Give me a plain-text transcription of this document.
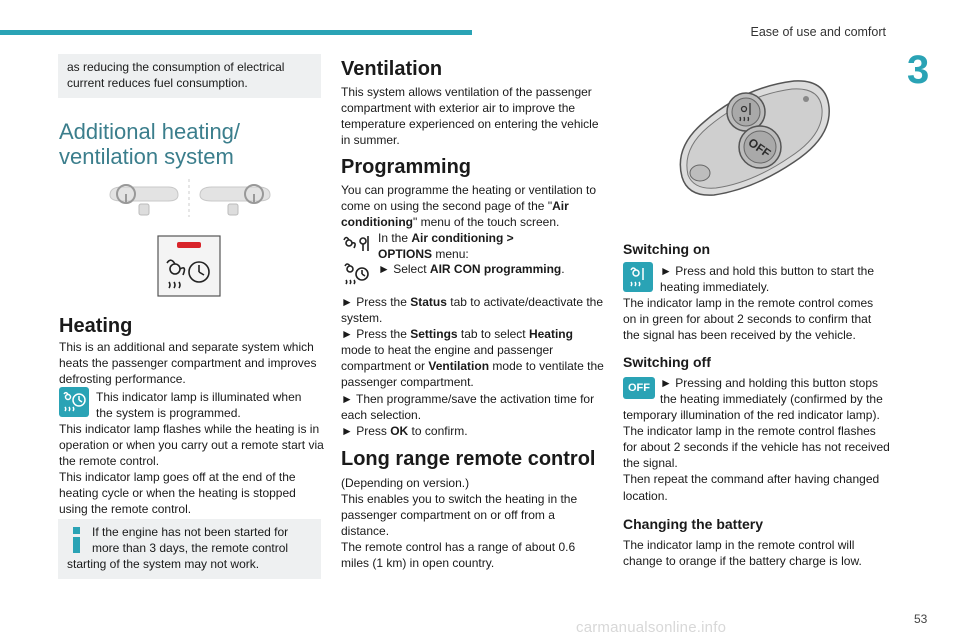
Ease of use and comfort
3

as reducing the consumption of electrical current reduces fuel consumption.

Additional heating/
ventilation system

Heating

This is an additional and separate system which heats the passenger compartment and improves defrosting performance.

This indicator lamp is illuminated when

the system is programmed.

This indicator lamp flashes while the heating is in operation or when you carry out a remote start via the remote control.

This indicator lamp goes off at the end of the heating cycle or when the heating is stopped using the remote control.

If the engine has not been started for

more than 3 days, the remote control

starting of the system may not work.

Ventilation

This system allows ventilation of the passenger compartment with exterior air to improve the temperature experienced on entering the vehicle in summer.

Programming

You can programme the heating or ventilation to come on using the second page of the "Air conditioning" menu of the touch screen.

In the Air conditioning >

OPTIONS menu:

► Select AIR CON programming.

► Press the Status tab to activate/deactivate the system.

► Press the Settings tab to select Heating mode to heat the engine and passenger compartment or Ventilation mode to ventilate the passenger compartment.

► Then programme/save the activation time for each selection.

► Press OK to confirm.

Long range remote control

(Depending on version.)

This enables you to switch the heating in the passenger compartment on or off from a distance.

The remote control has a range of about 0.6 miles (1 km) in open country.

OFF

Switching on

► Press and hold this button to start the

heating immediately.

The indicator lamp in the remote control comes on in green for about 2 seconds to confirm that the signal has been received by the vehicle.

Switching off

OFF ► Pressing and holding this button stops

the heating immediately (confirmed by the temporary illumination of the red indicator lamp).

The indicator lamp in the remote control flashes for about 2 seconds if the vehicle has not received the signal.

Then repeat the command after having changed location.

Changing the battery

The indicator lamp in the remote control will change to orange if the battery charge is low.

carmanualsonline.info	53
